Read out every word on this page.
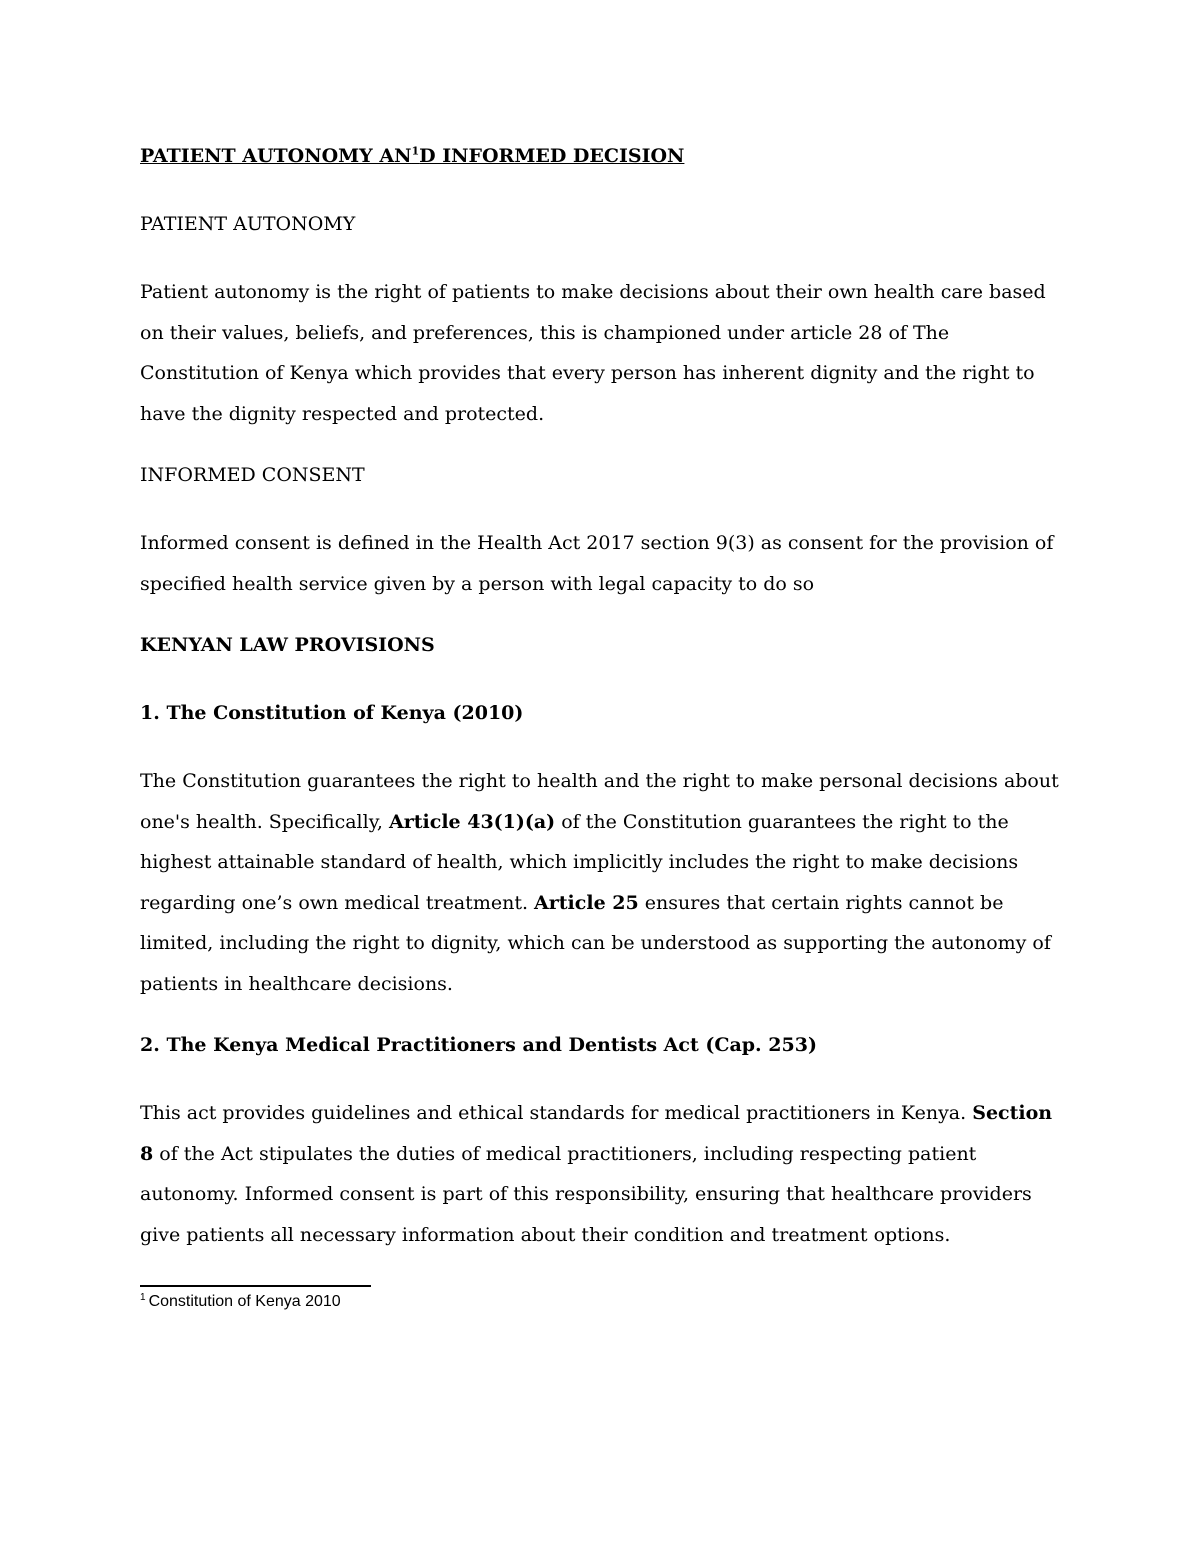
PATIENT AUTONOMY $AN^1D$ INFORMED DECISION
PATIENT AUTONOMY

Patient autonomy is the right of patients to make decisions about their own health care based on their values, beliefs, and preferences, this is championed under article 28 of The Constitution of Kenya which provides that every person has inherent dignity and the right to have the dignity respected and protected.

INFORMED CONSENT

Informed consent is defined in the Health Act 2017 section 9(3) as consent for the provision of specified health service given by a person with legal capacity to do so

KENYAN LAW PROVISIONS
1. The Constitution of Kenya (2010)

The Constitution guarantees the right to health and the right to make personal decisions about one's health. Specifically, Article 43(1)(a) of the Constitution guarantees the right to the highest attainable standard of health, which implicitly includes the right to make decisions regarding one’s own medical treatment. Article 25 ensures that certain rights cannot be limited, including the right to dignity, which can be understood as supporting the autonomy of patients in healthcare decisions.

2. The Kenya Medical Practitioners and Dentists Act (Cap. 253)

This act provides guidelines and ethical standards for medical practitioners in Kenya. Section 8 of the Act stipulates the duties of medical practitioners, including respecting patient autonomy. Informed consent is part of this responsibility, ensuring that healthcare providers give patients all necessary information about their condition and treatment options.

$^1$ Constitution of Kenya 2010
